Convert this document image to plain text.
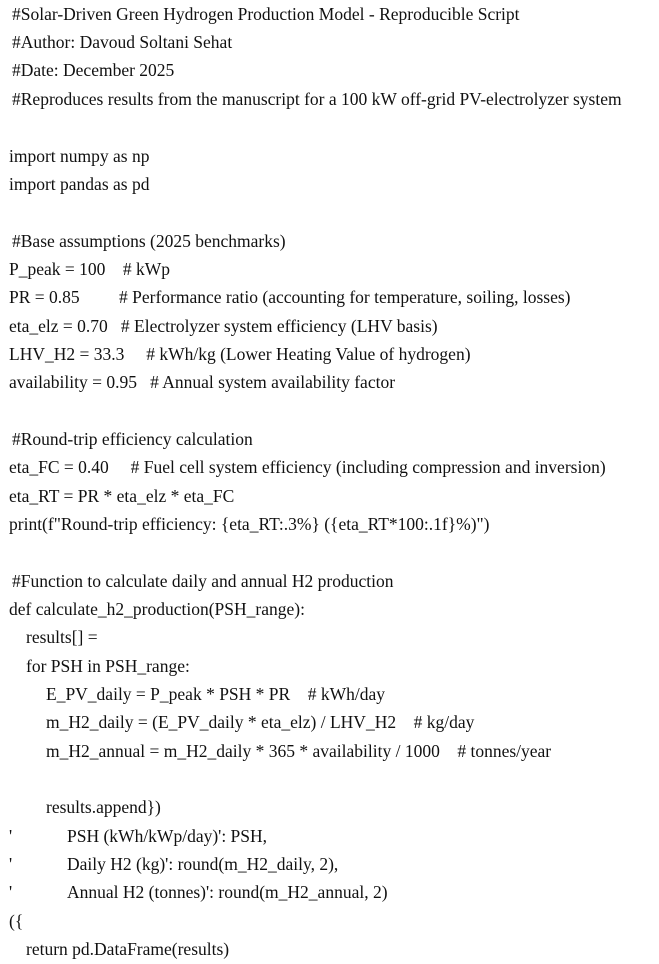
#Solar-Driven Green Hydrogen Production Model - Reproducible Script
#Author: Davoud Soltani Sehat
#Date: December 2025
#Reproduces results from the manuscript for a 100 kW off-grid PV-electrolyzer system
import numpy as np
import pandas as pd
#Base assumptions (2025 benchmarks)
P_peak = 100    # kWp
PR = 0.85         # Performance ratio (accounting for temperature, soiling, losses)
eta_elz = 0.70   # Electrolyzer system efficiency (LHV basis)
LHV_H2 = 33.3     # kWh/kg (Lower Heating Value of hydrogen)
availability = 0.95   # Annual system availability factor
#Round-trip efficiency calculation
eta_FC = 0.40     # Fuel cell system efficiency (including compression and inversion)
eta_RT = PR * eta_elz * eta_FC
print(f"Round-trip efficiency: {eta_RT:.3%} ({eta_RT*100:.1f}%)")
#Function to calculate daily and annual H2 production
def calculate_h2_production(PSH_range):
results[] =
for PSH in PSH_range:
E_PV_daily = P_peak * PSH * PR    # kWh/day
m_H2_daily = (E_PV_daily * eta_elz) / LHV_H2    # kg/day
m_H2_annual = m_H2_daily * 365 * availability / 1000    # tonnes/year
results.append})
'	PSH (kWh/kWp/day)': PSH,
'	Daily H2 (kg)': round(m_H2_daily, 2),
'	Annual H2 (tonnes)': round(m_H2_annual, 2)
({
return pd.DataFrame(results)
